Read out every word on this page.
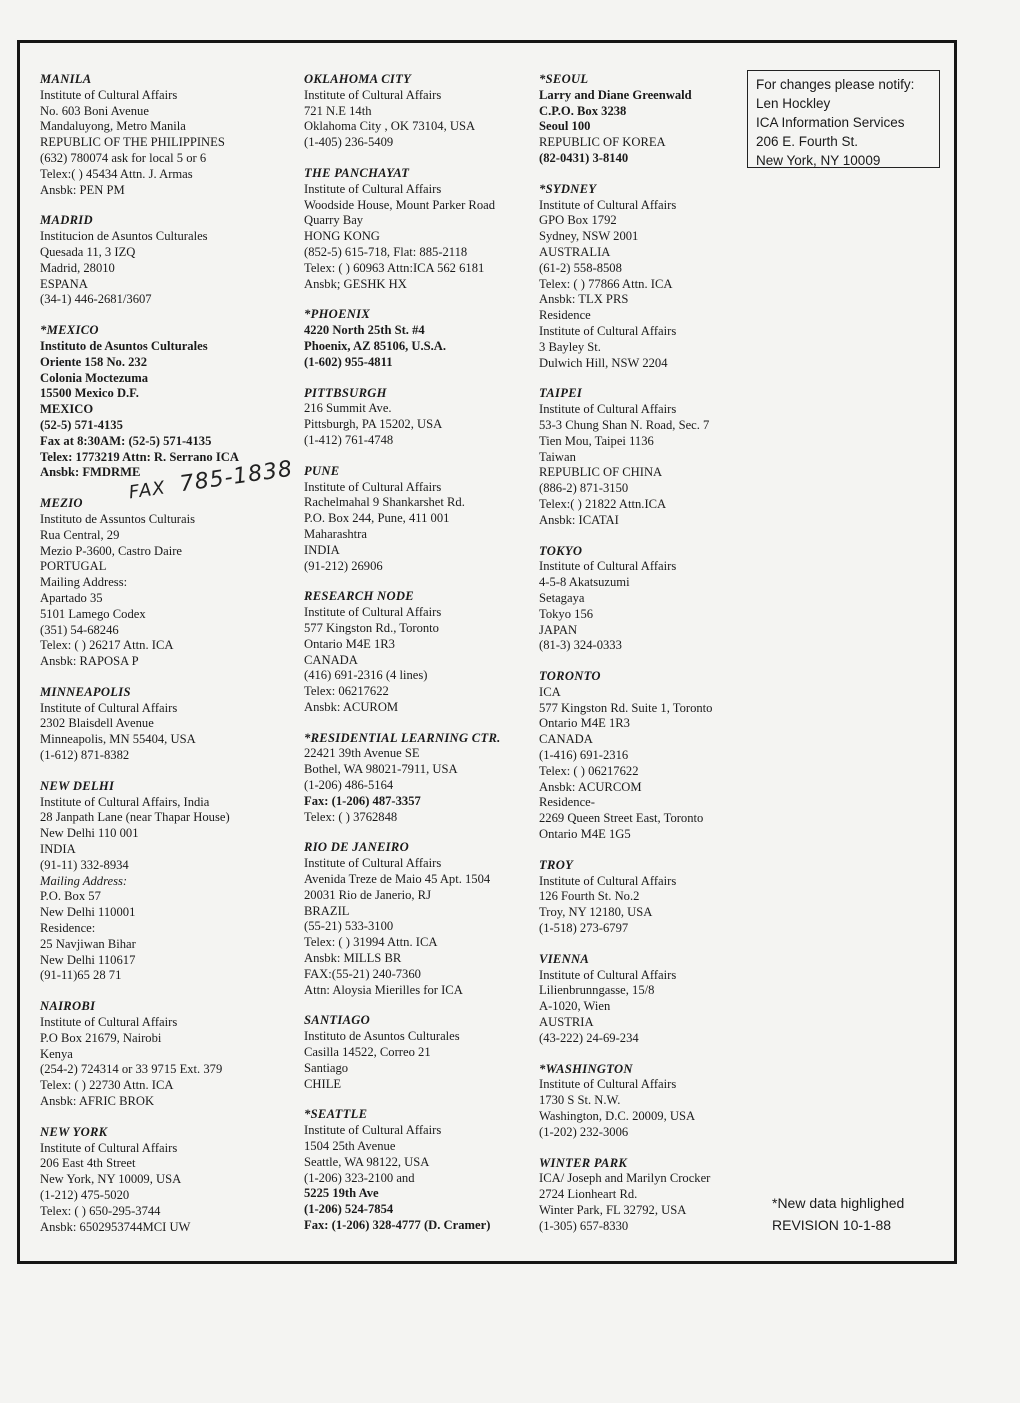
MANILA
Institute of Cultural Affairs
No. 603 Boni Avenue
Mandaluyong, Metro Manila
REPUBLIC OF THE PHILIPPINES
(632) 780074 ask for local 5 or 6
Telex:( ) 45434 Attn. J. Armas
Ansbk: PEN PM
MADRID
Institucion de Asuntos Culturales
Quesada 11, 3 IZQ
Madrid, 28010
ESPANA
(34-1) 446-2681/3607
*MEXICO
Instituto de Asuntos Culturales
Oriente 158 No. 232
Colonia Moctezuma
15500 Mexico D.F.
MEXICO
(52-5) 571-4135
Fax at 8:30AM: (52-5) 571-4135
Telex: 1773219 Attn: R. Serrano ICA
Ansbk: FMDRME
MEZIO
Instituto de Assuntos Culturais
Rua Central, 29
Mezio P-3600, Castro Daire
PORTUGAL
Mailing Address:
Apartado 35
5101 Lamego Codex
(351) 54-68246
Telex: ( ) 26217 Attn. ICA
Ansbk: RAPOSA P
MINNEAPOLIS
Institute of Cultural Affairs
2302 Blaisdell Avenue
Minneapolis, MN 55404, USA
(1-612) 871-8382
NEW DELHI
Institute of Cultural Affairs, India
28 Janpath Lane (near Thapar House)
New Delhi 110 001
INDIA
(91-11) 332-8934
Mailing Address:
P.O. Box 57
New Delhi 110001
Residence:
25 Navjiwan Bihar
New Delhi 110617
(91-11)65 28 71
NAIROBI
Institute of Cultural Affairs
P.O Box 21679, Nairobi
Kenya
(254-2) 724314 or 33 9715 Ext. 379
Telex: ( ) 22730 Attn. ICA
Ansbk: AFRIC BROK
NEW YORK
Institute of Cultural Affairs
206 East 4th Street
New York, NY 10009, USA
(1-212) 475-5020
Telex: ( ) 650-295-3744
Ansbk: 6502953744MCI UW
OKLAHOMA CITY
Institute of Cultural Affairs
721 N.E 14th
Oklahoma City , OK 73104, USA
(1-405) 236-5409
THE PANCHAYAT
Institute of Cultural Affairs
Woodside House, Mount Parker Road
Quarry Bay
HONG KONG
(852-5) 615-718, Flat: 885-2118
Telex: ( ) 60963 Attn:ICA 562 6181
Ansbk; GESHK HX
*PHOENIX
4220 North 25th St. #4
Phoenix, AZ 85106, U.S.A.
(1-602) 955-4811
PITTBSURGH
216 Summit Ave.
Pittsburgh, PA 15202, USA
(1-412) 761-4748
PUNE
Institute of Cultural Affairs
Rachelmahal 9 Shankarshet Rd.
P.O. Box 244, Pune, 411 001
Maharashtra
INDIA
(91-212) 26906
RESEARCH NODE
Institute of Cultural Affairs
577 Kingston Rd., Toronto
Ontario M4E 1R3
CANADA
(416) 691-2316 (4 lines)
Telex: 06217622
Ansbk: ACUROM
*RESIDENTIAL LEARNING CTR.
22421 39th Avenue SE
Bothel, WA 98021-7911, USA
(1-206) 486-5164
Fax: (1-206) 487-3357
Telex: ( ) 3762848
RIO DE JANEIRO
Institute of Cultural Affairs
Avenida Treze de Maio 45 Apt. 1504
20031 Rio de Janerio, RJ
BRAZIL
(55-21) 533-3100
Telex: ( ) 31994 Attn. ICA
Ansbk: MILLS BR
FAX:(55-21) 240-7360
Attn: Aloysia Mierilles for ICA
SANTIAGO
Instituto de Asuntos Culturales
Casilla 14522, Correo 21
Santiago
CHILE
*SEATTLE
Institute of Cultural Affairs
1504 25th Avenue
Seattle, WA 98122, USA
(1-206) 323-2100 and
5225 19th Ave
(1-206) 524-7854
Fax: (1-206) 328-4777 (D. Cramer)
*SEOUL
Larry and Diane Greenwald
C.P.O. Box 3238
Seoul 100
REPUBLIC OF KOREA
(82-0431) 3-8140
*SYDNEY
Institute of Cultural Affairs
GPO Box 1792
Sydney, NSW 2001
AUSTRALIA
(61-2) 558-8508
Telex: ( ) 77866 Attn. ICA
Ansbk: TLX PRS
Residence
Institute of Cultural Affairs
3 Bayley St.
Dulwich Hill, NSW 2204
TAIPEI
Institute of Cultural Affairs
53-3 Chung Shan N. Road, Sec. 7
Tien Mou, Taipei 1136
Taiwan
REPUBLIC OF CHINA
(886-2) 871-3150
Telex:( ) 21822 Attn.ICA
Ansbk: ICATAI
TOKYO
Institute of Cultural Affairs
4-5-8 Akatsuzumi
Setagaya
Tokyo 156
JAPAN
(81-3) 324-0333
TORONTO
ICA
577 Kingston Rd. Suite 1, Toronto
Ontario M4E 1R3
CANADA
(1-416) 691-2316
Telex: ( ) 06217622
Ansbk: ACURCOM
Residence-
2269 Queen Street East, Toronto
Ontario M4E 1G5
TROY
Institute of Cultural Affairs
126 Fourth St. No.2
Troy, NY 12180, USA
(1-518) 273-6797
VIENNA
Institute of Cultural Affairs
Lilienbrunngasse, 15/8
A-1020, Wien
AUSTRIA
(43-222) 24-69-234
*WASHINGTON
Institute of Cultural Affairs
1730 S St. N.W.
Washington, D.C. 20009, USA
(1-202) 232-3006
WINTER PARK
ICA/ Joseph and Marilyn Crocker
2724 Lionheart Rd.
Winter Park, FL 32792, USA
(1-305) 657-8330
For changes please notify:
Len Hockley
ICA Information Services
206 E. Fourth St.
New York, NY 10009
FAX 785-1838
*New data highlighed
REVISION 10-1-88
